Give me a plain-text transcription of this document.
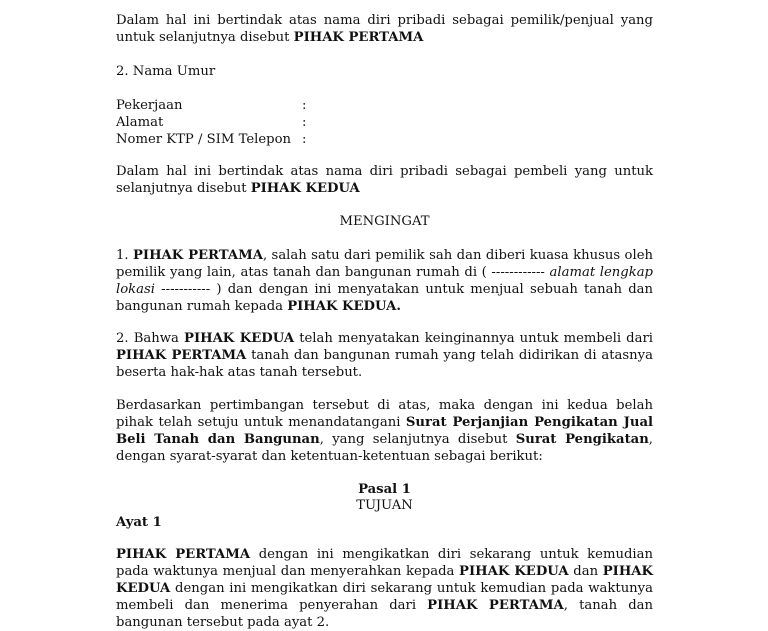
Dalam hal ini bertindak atas nama diri pribadi sebagai pemilik/penjual yang untuk selanjutnya disebut PIHAK PERTAMA

2. Nama Umur

Pekerjaan	:
Alamat	:
Nomer KTP / SIM Telepon :

Dalam hal ini bertindak atas nama diri pribadi sebagai pembeli yang untuk selanjutnya disebut PIHAK KEDUA

MENGINGAT

1. PIHAK PERTAMA, salah satu dari pemilik sah dan diberi kuasa khusus oleh pemilik yang lain, atas tanah dan bangunan rumah di ( ------------ alamat lengkap lokasi ----------- ) dan dengan ini menyatakan untuk menjual sebuah tanah dan bangunan rumah kepada PIHAK KEDUA.

2. Bahwa PIHAK KEDUA telah menyatakan keinginannya untuk membeli dari PIHAK PERTAMA tanah dan bangunan rumah yang telah didirikan di atasnya beserta hak-hak atas tanah tersebut.

Berdasarkan pertimbangan tersebut di atas, maka dengan ini kedua belah pihak telah setuju untuk menandatangani Surat Perjanjian Pengikatan Jual Beli Tanah dan Bangunan, yang selanjutnya disebut Surat Pengikatan, dengan syarat-syarat dan ketentuan-ketentuan sebagai berikut:

Pasal 1

TUJUAN

Ayat 1

PIHAK PERTAMA dengan ini mengikatkan diri sekarang untuk kemudian pada waktunya menjual dan menyerahkan kepada PIHAK KEDUA dan PIHAK KEDUA dengan ini mengikatkan diri sekarang untuk kemudian pada waktunya membeli dan menerima penyerahan dari PIHAK PERTAMA, tanah dan bangunan tersebut pada ayat 2.
